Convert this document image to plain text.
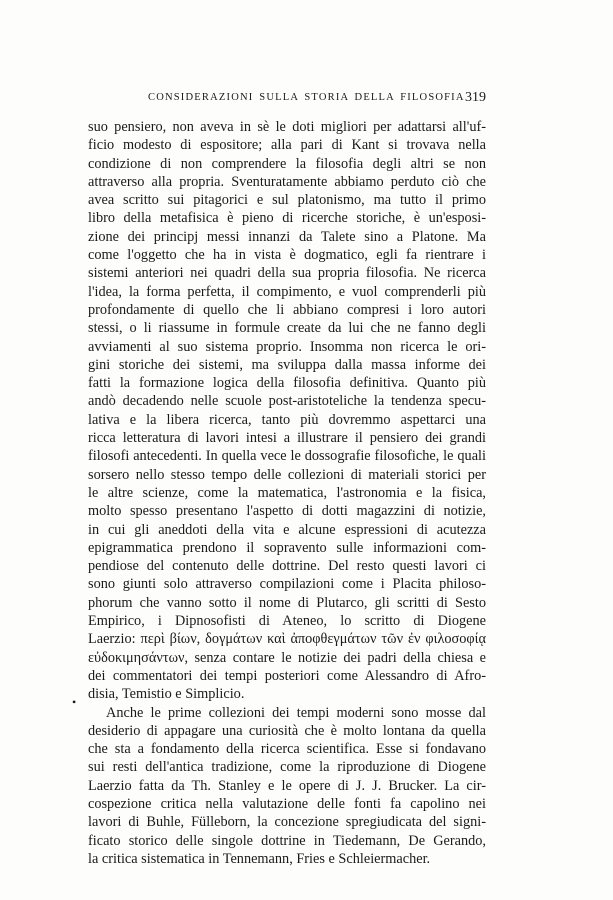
CONSIDERAZIONI SULLA STORIA DELLA FILOSOFIA 319
suo pensiero, non aveva in sè le doti migliori per adattarsi all'uf-
ficio modesto di espositore; alla pari di Kant si trovava nella
condizione di non comprendere la filosofia degli altri se non
attraverso alla propria. Sventuratamente abbiamo perduto ciò che
avea scritto sui pitagorici e sul platonismo, ma tutto il primo
libro della metafisica è pieno di ricerche storiche, è un'esposi-
zione dei principj messi innanzi da Talete sino a Platone. Ma
come l'oggetto che ha in vista è dogmatico, egli fa rientrare i
sistemi anteriori nei quadri della sua propria filosofia. Ne ricerca
l'idea, la forma perfetta, il compimento, e vuol comprenderli più
profondamente di quello che li abbiano compresi i loro autori
stessi, o li riassume in formule create da lui che ne fanno degli
avviamenti al suo sistema proprio. Insomma non ricerca le ori-
gini storiche dei sistemi, ma sviluppa dalla massa informe dei
fatti la formazione logica della filosofia definitiva. Quanto più
andò decadendo nelle scuole post-aristoteliche la tendenza specu-
lativa e la libera ricerca, tanto più dovremmo aspettarci una
ricca letteratura di lavori intesi a illustrare il pensiero dei grandi
filosofi antecedenti. In quella vece le dossografie filosofiche, le quali
sorsero nello stesso tempo delle collezioni di materiali storici per
le altre scienze, come la matematica, l'astronomia e la fisica,
molto spesso presentano l'aspetto di dotti magazzini di notizie,
in cui gli aneddoti della vita e alcune espressioni di acutezza
epigrammatica prendono il sopravento sulle informazioni com-
pendiose del contenuto delle dottrine. Del resto questi lavori ci
sono giunti solo attraverso compilazioni come i Placita philoso-
phorum che vanno sotto il nome di Plutarco, gli scritti di Sesto
Empirico, i Dipnosofisti di Ateneo, lo scritto di Diogene
Laerzio: περὶ βίων, δογμάτων καὶ ἀποφθεγμάτων τῶν ἐν φιλοσοφίᾳ
εὐδοκιμησάντων, senza contare le notizie dei padri della chiesa e
dei commentatori dei tempi posteriori come Alessandro di Afro-
disia, Temistio e Simplicio.
Anche le prime collezioni dei tempi moderni sono mosse dal
desiderio di appagare una curiosità che è molto lontana da quella
che sta a fondamento della ricerca scientifica. Esse si fondavano
sui resti dell'antica tradizione, come la riproduzione di Diogene
Laerzio fatta da Th. Stanley e le opere di J. J. Brucker. La cir-
cospezione critica nella valutazione delle fonti fa capolino nei
lavori di Buhle, Fülleborn, la concezione spregiudicata del signi-
ficato storico delle singole dottrine in Tiedemann, De Gerando,
la critica sistematica in Tennemann, Fries e Schleiermacher.
•
